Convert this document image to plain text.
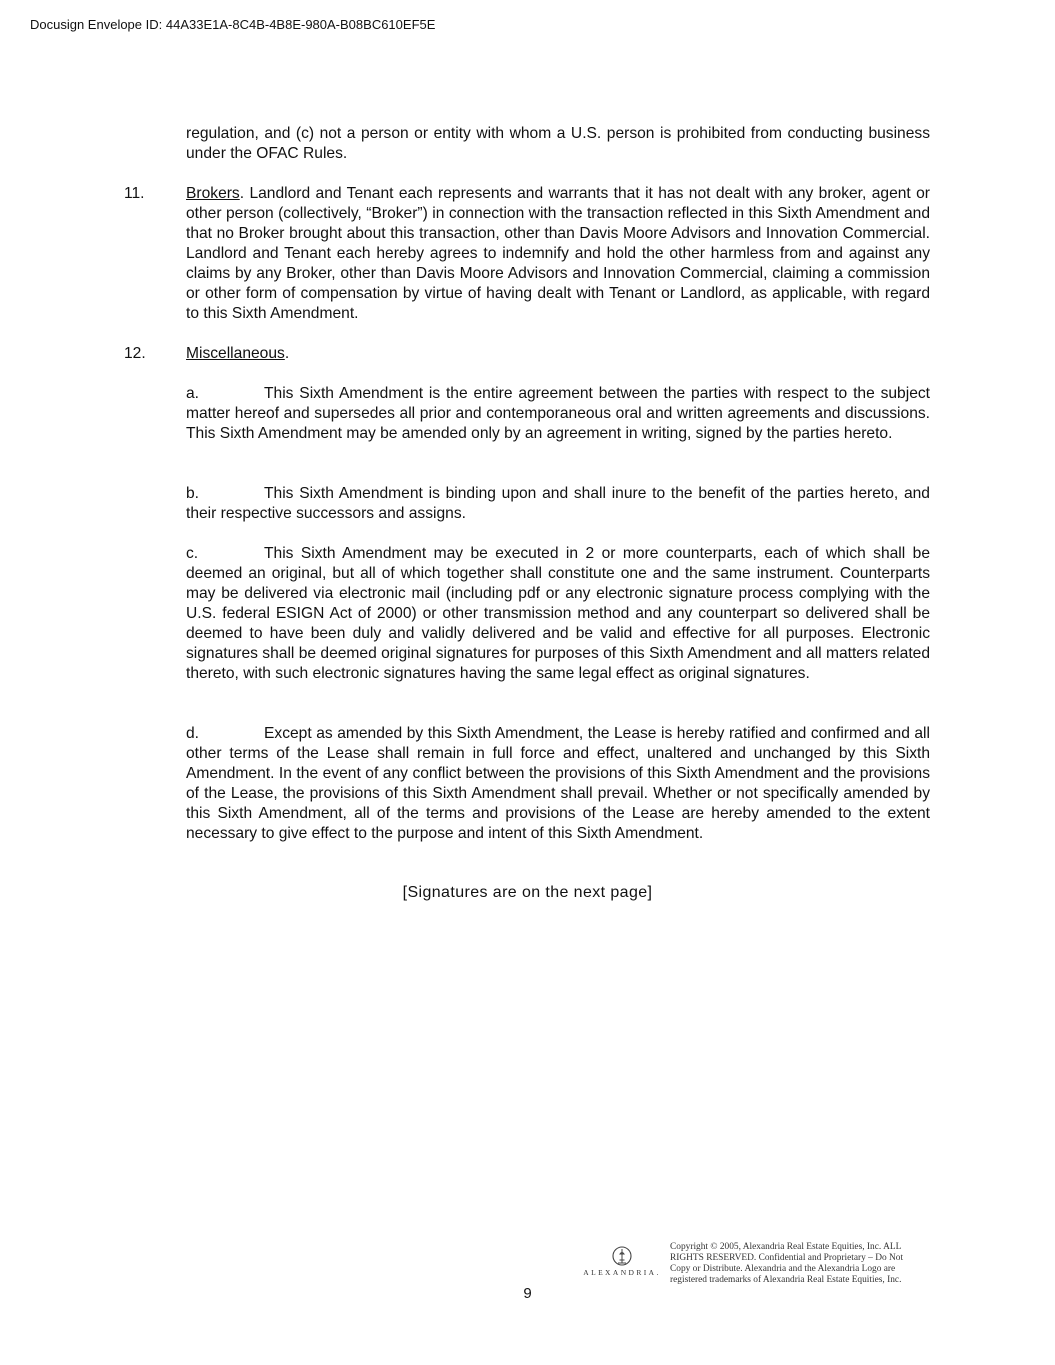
Docusign Envelope ID: 44A33E1A-8C4B-4B8E-980A-B08BC610EF5E
regulation, and (c) not a person or entity with whom a U.S. person is prohibited from conducting business under the OFAC Rules.
11.	Brokers. Landlord and Tenant each represents and warrants that it has not dealt with any broker, agent or other person (collectively, “Broker”) in connection with the transaction reflected in this Sixth Amendment and that no Broker brought about this transaction, other than Davis Moore Advisors and Innovation Commercial. Landlord and Tenant each hereby agrees to indemnify and hold the other harmless from and against any claims by any Broker, other than Davis Moore Advisors and Innovation Commercial, claiming a commission or other form of compensation by virtue of having dealt with Tenant or Landlord, as applicable, with regard to this Sixth Amendment.
12.	Miscellaneous.
a.	This Sixth Amendment is the entire agreement between the parties with respect to the subject matter hereof and supersedes all prior and contemporaneous oral and written agreements and discussions. This Sixth Amendment may be amended only by an agreement in writing, signed by the parties hereto.
b.	This Sixth Amendment is binding upon and shall inure to the benefit of the parties hereto, and their respective successors and assigns.
c.	This Sixth Amendment may be executed in 2 or more counterparts, each of which shall be deemed an original, but all of which together shall constitute one and the same instrument. Counterparts may be delivered via electronic mail (including pdf or any electronic signature process complying with the U.S. federal ESIGN Act of 2000) or other transmission method and any counterpart so delivered shall be deemed to have been duly and validly delivered and be valid and effective for all purposes. Electronic signatures shall be deemed original signatures for purposes of this Sixth Amendment and all matters related thereto, with such electronic signatures having the same legal effect as original signatures.
d.	Except as amended by this Sixth Amendment, the Lease is hereby ratified and confirmed and all other terms of the Lease shall remain in full force and effect, unaltered and unchanged by this Sixth Amendment. In the event of any conflict between the provisions of this Sixth Amendment and the provisions of the Lease, the provisions of this Sixth Amendment shall prevail. Whether or not specifically amended by this Sixth Amendment, all of the terms and provisions of the Lease are hereby amended to the extent necessary to give effect to the purpose and intent of this Sixth Amendment.
[Signatures are on the next page]
ALEXANDRIA.
Copyright © 2005, Alexandria Real Estate Equities, Inc. ALL RIGHTS RESERVED. Confidential and Proprietary – Do Not Copy or Distribute. Alexandria and the Alexandria Logo are registered trademarks of Alexandria Real Estate Equities, Inc.
9
